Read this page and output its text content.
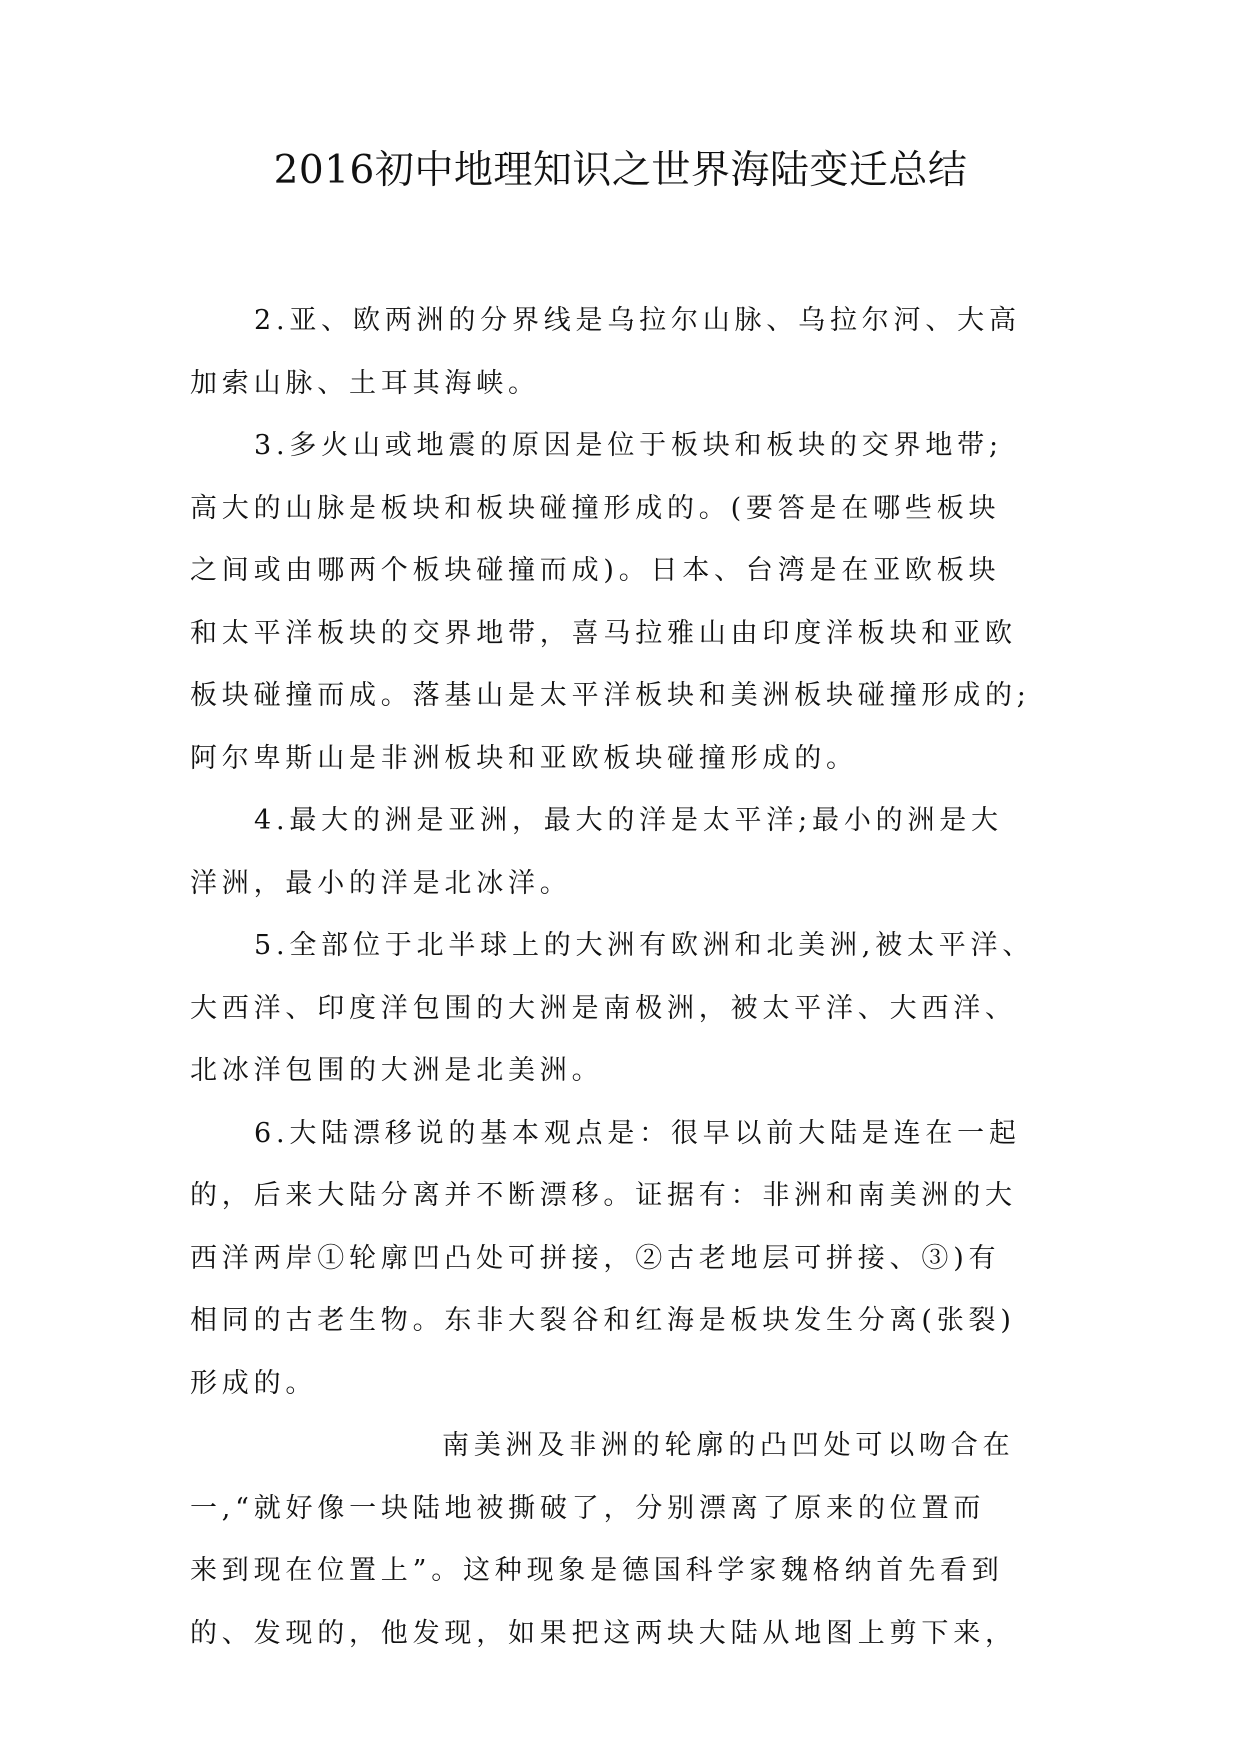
2016初中地理知识之世界海陆变迁总结
2.亚、欧两洲的分界线是乌拉尔山脉、乌拉尔河、大高
加索山脉、土耳其海峡。
3.多火山或地震的原因是位于板块和板块的交界地带;
高大的山脉是板块和板块碰撞形成的。(要答是在哪些板块
之间或由哪两个板块碰撞而成)。日本、台湾是在亚欧板块
和太平洋板块的交界地带，喜马拉雅山由印度洋板块和亚欧
板块碰撞而成。落基山是太平洋板块和美洲板块碰撞形成的;
阿尔卑斯山是非洲板块和亚欧板块碰撞形成的。
4.最大的洲是亚洲，最大的洋是太平洋;最小的洲是大
洋洲，最小的洋是北冰洋。
5.全部位于北半球上的大洲有欧洲和北美洲,被太平洋、
大西洋、印度洋包围的大洲是南极洲，被太平洋、大西洋、
北冰洋包围的大洲是北美洲。
6.大陆漂移说的基本观点是：很早以前大陆是连在一起
的，后来大陆分离并不断漂移。证据有：非洲和南美洲的大
西洋两岸①轮廓凹凸处可拼接，②古老地层可拼接、③)有
相同的古老生物。东非大裂谷和红海是板块发生分离(张裂)
形成的。
南美洲及非洲的轮廓的凸凹处可以吻合在
一,“就好像一块陆地被撕破了，分别漂离了原来的位置而
来到现在位置上”。这种现象是德国科学家魏格纳首先看到
的、发现的，他发现，如果把这两块大陆从地图上剪下来，
